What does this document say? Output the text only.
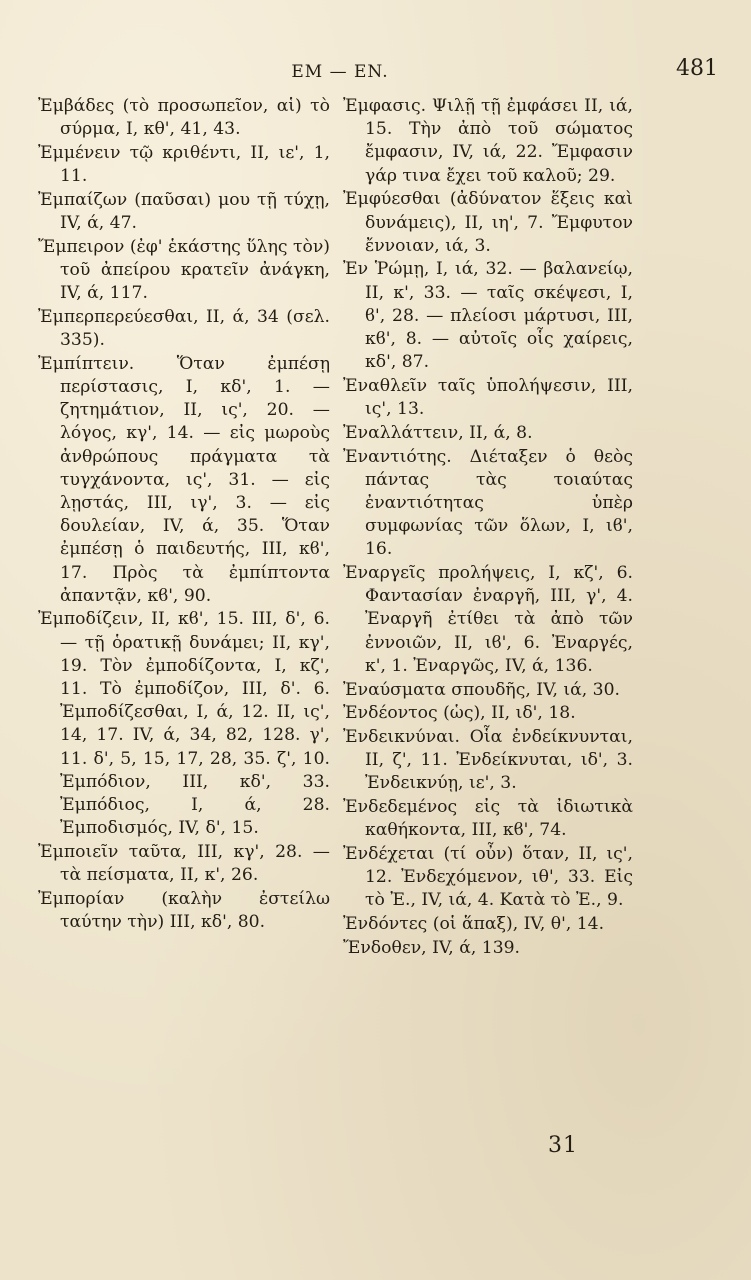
EM — EN.	481

Ἐμβάδες (τὸ προσωπεῖον, αἱ) τὸ σύρμα, I, κθ', 41, 43.

Ἐμμένειν τῷ κριθέντι, II, ιε', 1, 11.

Ἐμπαίζων (παῦσαι) μου τῇ τύχῃ, IV, ά, 47.

Ἔμπειρον (ἐφ' ἑκάστης ὕλης τὸν) τοῦ ἀπείρου κρατεῖν ἀνάγκη, IV, ά, 117.

Ἐμπερπερεύεσθαι, II, ά, 34 (σελ. 335).

Ἐμπίπτειν. Ὅταν ἐμπέσῃ περίστασις, I, κδ', 1. — ζητημάτιον, II, ις', 20. — λόγος, κγ', 14. — εἰς μωροὺς ἀνθρώπους πράγματα τὰ τυγχάνοντα, ις', 31. — εἰς λῃστάς, III, ιγ', 3. — εἰς δουλείαν, IV, ά, 35. Ὅταν ἐμπέσῃ ὁ παιδευτής, III, κϐ', 17. Πρὸς τὰ ἐμπίπτοντα ἀπαντᾷν, κϐ', 90.

Ἐμποδίζειν, II, κϐ', 15. III, δ', 6. — τῇ ὁρατικῇ δυνάμει; II, κγ', 19. Τὸν ἐμποδίζοντα, I, κζ', 11. Τὸ ἐμποδίζον, III, δ'. 6. Ἐμποδίζεσθαι, I, ά, 12. II, ις', 14, 17. IV, ά, 34, 82, 128. γ', 11. δ', 5, 15, 17, 28, 35. ζ', 10. Ἐμπόδιον, III, κδ', 33. Ἐμπόδιος, I, ά, 28. Ἐμποδισμός, IV, δ', 15.

Ἐμποιεῖν ταῦτα, III, κγ', 28. — τὰ πείσματα, II, κ', 26.

Ἐμπορίαν (καλὴν ἐστείλω ταύτην τὴν) III, κδ', 80.

Ἐμφασις. Ψιλῇ τῇ ἐμφάσει II, ιά, 15. Τὴν ἀπὸ τοῦ σώματος ἔμφασιν, IV, ιά, 22. Ἔμφασιν γάρ τινα ἔχει τοῦ καλοῦ; 29.

Ἐμφύεσθαι (ἀδύνατον ἕξεις καὶ δυνάμεις), II, ιη', 7. Ἔμφυτον ἔννοιαν, ιά, 3.

Ἐν Ῥώμῃ, I, ιά, 32. — βαλανείῳ, II, κ', 33. — ταῖς σκέψεσι, I, ϐ', 28. — πλείοσι μάρτυσι, III, κϐ', 8. — αὐτοῖς οἷς χαίρεις, κδ', 87.

Ἐναθλεῖν ταῖς ὑπολήψεσιν, III, ις', 13.

Ἐναλλάττειν, II, ά, 8.

Ἐναντιότης. Διέταξεν ὁ θεὸς πάντας τὰς τοιαύτας ἐναντιότητας ὑπὲρ συμφωνίας τῶν ὅλων, I, ιϐ', 16.

Ἐναργεῖς προλήψεις, I, κζ', 6. Φαντασίαν ἐναργῆ, III, γ', 4. Ἐναργῆ ἐτίθει τὰ ἀπὸ τῶν ἐννοιῶν, II, ιϐ', 6. Ἐναργές, κ', 1. Ἐναργῶς, IV, ά, 136.

Ἐναύσματα σπουδῆς, IV, ιά, 30.

Ἐνδέοντος (ὡς), II, ιδ', 18.

Ἐνδεικνύναι. Οἷα ἐνδείκνυνται, II, ζ', 11. Ἐνδείκνυται, ιδ', 3. Ἐνδεικνύῃ, ιε', 3.

Ἐνδεδεμένος εἰς τὰ ἰδιωτικὰ καθήκοντα, III, κϐ', 74.

Ἐνδέχεται (τί οὖν) ὅταν, II, ις', 12. Ἐνδεχόμενον, ιθ', 33. Εἰς τὸ Ἐ., IV, ιά, 4. Κατὰ τὸ Ἐ., 9.

Ἐνδόντες (οἱ ἅπαξ), IV, θ', 14.

Ἔνδοθεν, IV, ά, 139.

31
